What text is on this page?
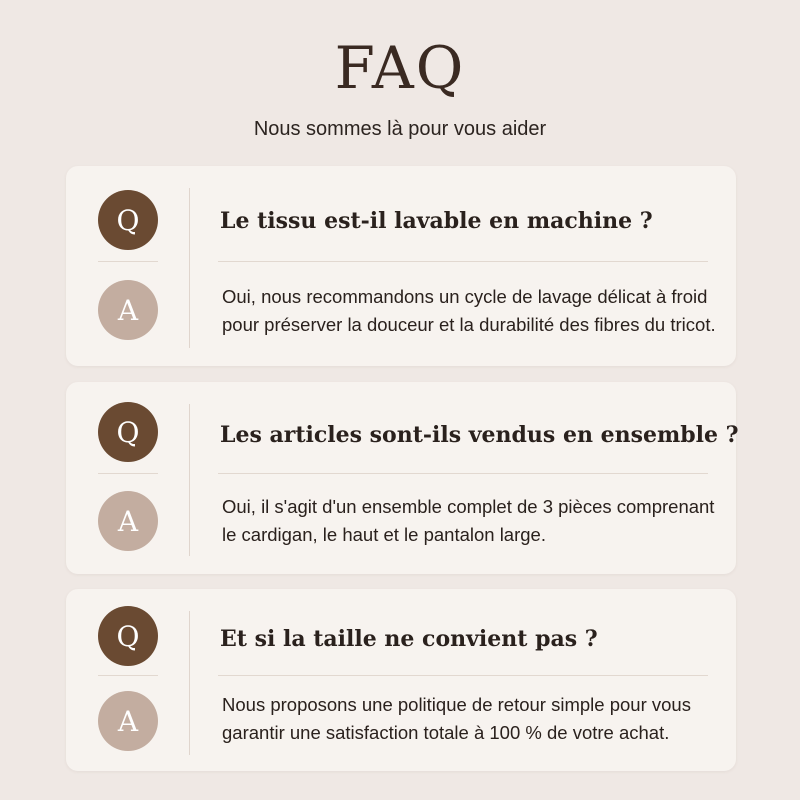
FAQ
Nous sommes là pour vous aider
Q
A
Le tissu est-il lavable en machine ?
Oui, nous recommandons un cycle de lavage délicat à froid pour préserver la douceur et la durabilité des fibres du tricot.
Q
A
Les articles sont-ils vendus en ensemble ?
Oui, il s'agit d'un ensemble complet de 3 pièces comprenant le cardigan, le haut et le pantalon large.
Q
A
Et si la taille ne convient pas ?
Nous proposons une politique de retour simple pour vous garantir une satisfaction totale à 100 % de votre achat.
